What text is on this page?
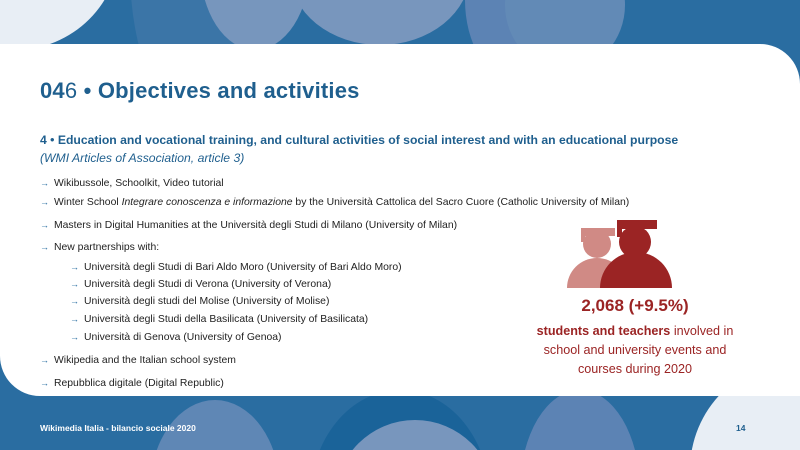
046 • Objectives and activities
4 • Education and vocational training, and cultural activities of social interest and with an educational purpose
(WMI Articles of Association, article 3)
→ Wikibussole, Schoolkit, Video tutorial
→ Winter School Integrare conoscenza e informazione by the Università Cattolica del Sacro Cuore (Catholic University of Milan)
→ Masters in Digital Humanities at the Università degli Studi di Milano (University of Milan)
→ New partnerships with:
→ Università degli Studi di Bari Aldo Moro (University of Bari Aldo Moro)
→ Università degli Studi di Verona (University of Verona)
→ Università degli studi del Molise (University of Molise)
→ Università degli Studi della Basilicata (University of Basilicata)
→ Università di Genova (University of Genoa)
→ Wikipedia and the Italian school system
→ Repubblica digitale (Digital Republic)
2,068 (+9.5%)
students and teachers involved in
school and university events and
courses during 2020
Wikimedia Italia - bilancio sociale 2020	14
